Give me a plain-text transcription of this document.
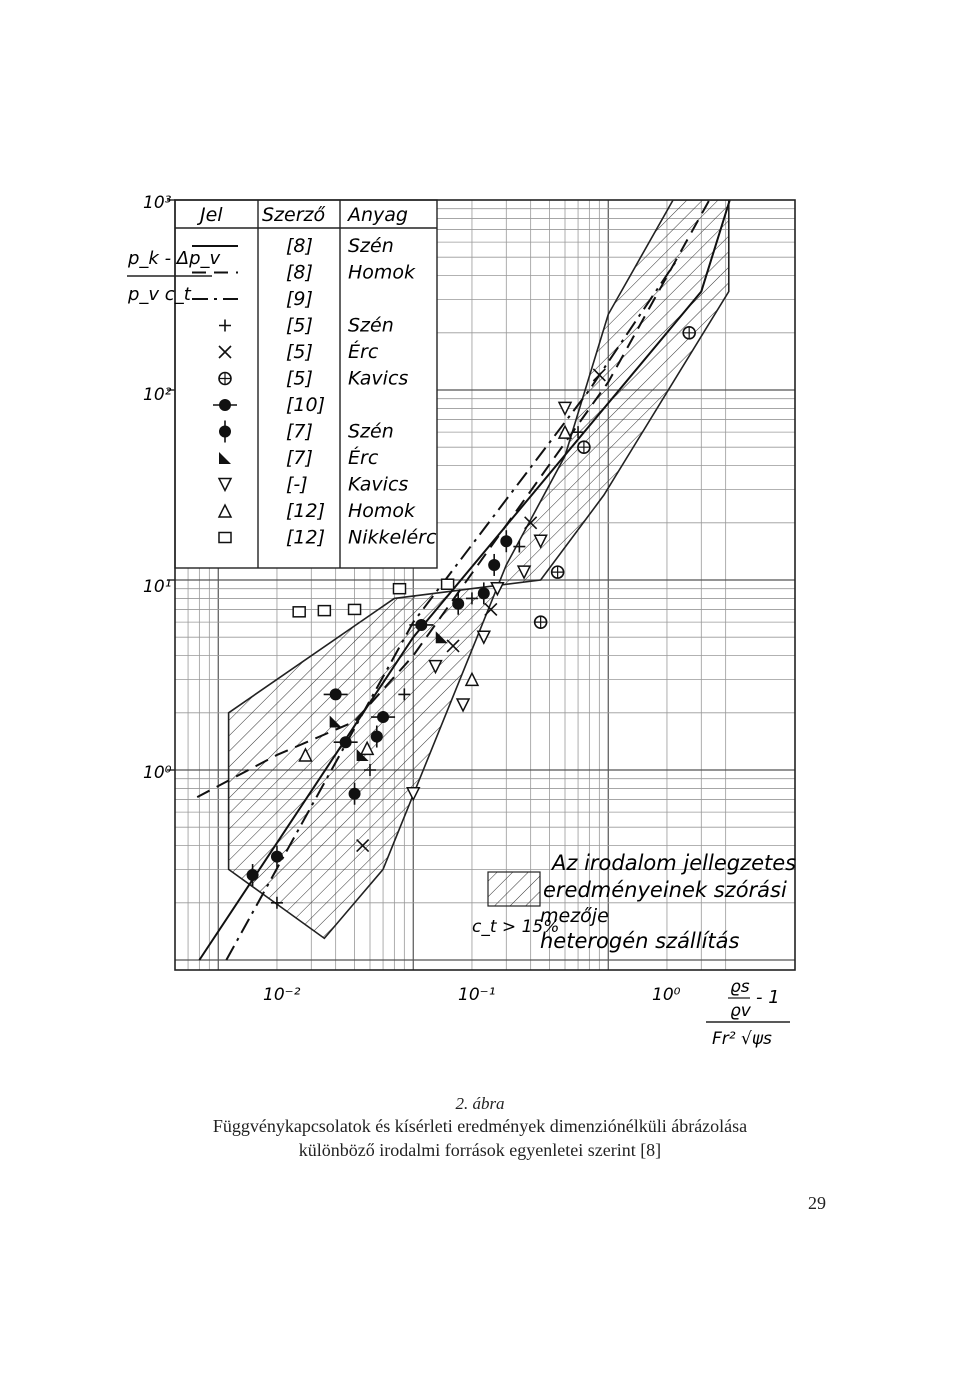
Jel Szerző Anyag
[8] Szén
[8] Homok
[9]
[5] Szén
[5] Érc
[5] Kavics
[10]
[7] Szén
[7] Érc
[-] Kavics
[12] Homok
[12] Nikkelérc
Az irodalom jellegzetes
eredményeinek szórási
mezője
heterogén szállítás
c_t > 15%
10³
10²
10¹
10⁰
10⁻²	10⁻¹	10⁰
p_k - Δp_v
p_v c_t
ϱs
ϱv
- 1
Fr² √ψs
2. ábra
Függvénykapcsolatok és kísérleti eredmények dimenziónélküli ábrázolása
különböző irodalmi források egyenletei szerint [8]
29
